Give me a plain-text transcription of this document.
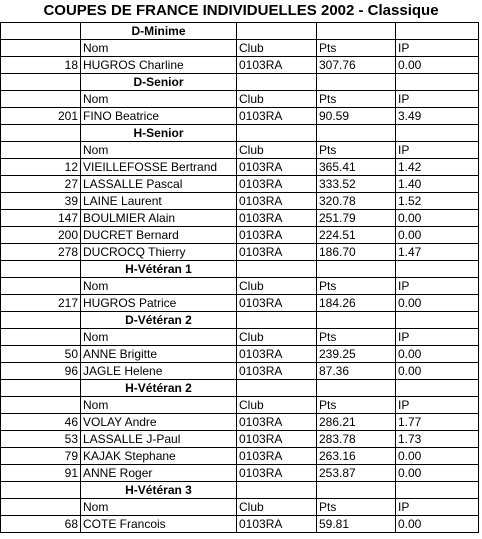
COUPES DE FRANCE INDIVIDUELLES 2002 - Classique
	D-Minime			
	Nom	Club	Pts	IP
18	HUGROS Charline	0103RA	307.76	0.00
	D-Senior			
	Nom	Club	Pts	IP
201	FINO Beatrice	0103RA	90.59	3.49
	H-Senior			
	Nom	Club	Pts	IP
12	VIEILLEFOSSE Bertrand	0103RA	365.41	1.42
27	LASSALLE Pascal	0103RA	333.52	1.40
39	LAINE Laurent	0103RA	320.78	1.52
147	BOULMIER Alain	0103RA	251.79	0.00
200	DUCRET Bernard	0103RA	224.51	0.00
278	DUCROCQ Thierry	0103RA	186.70	1.47
	H-Vétéran 1			
	Nom	Club	Pts	IP
217	HUGROS Patrice	0103RA	184.26	0.00
	D-Vétéran 2			
	Nom	Club	Pts	IP
50	ANNE Brigitte	0103RA	239.25	0.00
96	JAGLE Helene	0103RA	87.36	0.00
	H-Vétéran 2			
	Nom	Club	Pts	IP
46	VOLAY Andre	0103RA	286.21	1.77
53	LASSALLE J-Paul	0103RA	283.78	1.73
79	KAJAK Stephane	0103RA	263.16	0.00
91	ANNE Roger	0103RA	253.87	0.00
	H-Vétéran 3			
	Nom	Club	Pts	IP
68	COTE Francois	0103RA	59.81	0.00
